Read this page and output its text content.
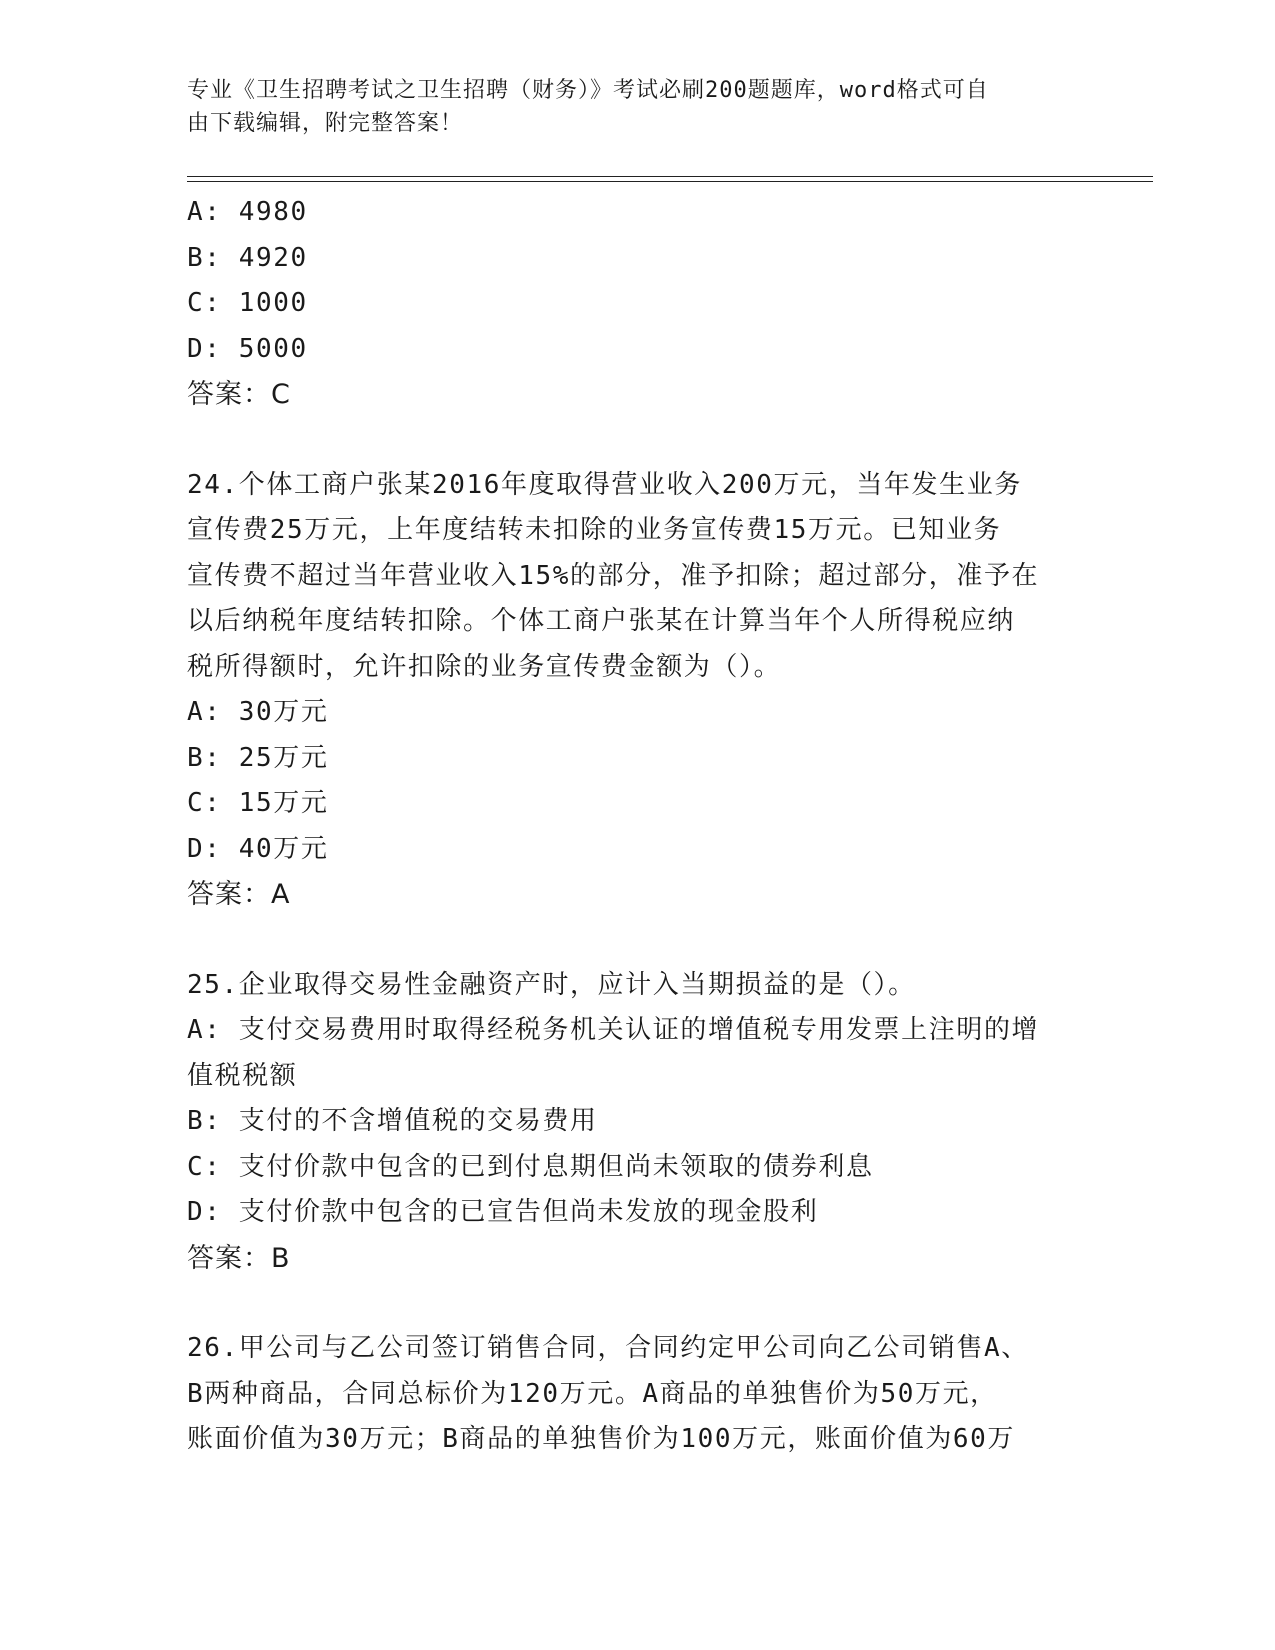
专业《卫生招聘考试之卫生招聘（财务）》考试必刷200题题库，word格式可自
由下载编辑，附完整答案！
A: 4980
B: 4920
C: 1000
D: 5000
答案：C
24.个体工商户张某2016年度取得营业收入200万元，当年发生业务
宣传费25万元，上年度结转未扣除的业务宣传费15万元。已知业务
宣传费不超过当年营业收入15%的部分，准予扣除；超过部分，准予在
以后纳税年度结转扣除。个体工商户张某在计算当年个人所得税应纳
税所得额时，允许扣除的业务宣传费金额为（）。
A: 30万元
B: 25万元
C: 15万元
D: 40万元
答案：A
25.企业取得交易性金融资产时，应计入当期损益的是（）。
A: 支付交易费用时取得经税务机关认证的增值税专用发票上注明的增
值税税额
B: 支付的不含增值税的交易费用
C: 支付价款中包含的已到付息期但尚未领取的债券利息
D: 支付价款中包含的已宣告但尚未发放的现金股利
答案：B
26.甲公司与乙公司签订销售合同，合同约定甲公司向乙公司销售A、
B两种商品，合同总标价为120万元。A商品的单独售价为50万元，
账面价值为30万元；B商品的单独售价为100万元，账面价值为60万
